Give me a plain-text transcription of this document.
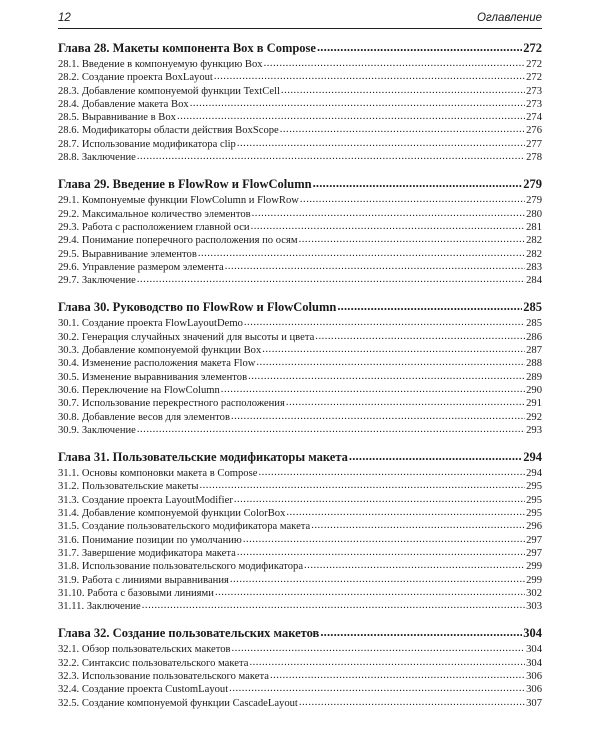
12	Оглавление
Глава 28. Макеты компонента Box в Compose .....	272
28.1. Введение в компонуемую функцию Box .....	272
28.2. Создание проекта BoxLayout .....	272
28.3. Добавление компонуемой функции TextCell .....	273
28.4. Добавление макета Box .....	273
28.5. Выравнивание в Box .....	274
28.6. Модификаторы области действия BoxScope .....	276
28.7. Использование модификатора clip .....	277
28.8. Заключение .....	278
Глава 29. Введение в FlowRow и FlowColumn .....	279
29.1. Компонуемые функции FlowColumn и FlowRow .....	279
29.2. Максимальное количество элементов .....	280
29.3. Работа с расположением главной оси .....	281
29.4. Понимание поперечного расположения по осям .....	282
29.5. Выравнивание элементов .....	282
29.6. Управление размером элемента .....	283
29.7. Заключение .....	284
Глава 30. Руководство по FlowRow и FlowColumn .....	285
30.1. Создание проекта FlowLayoutDemo .....	285
30.2. Генерация случайных значений для высоты и цвета .....	286
30.3. Добавление компонуемой функции Box .....	287
30.4. Изменение расположения макета Flow .....	288
30.5. Изменение выравнивания элементов .....	289
30.6. Переключение на FlowColumn .....	290
30.7. Использование перекрестного расположения .....	291
30.8. Добавление весов для элементов .....	292
30.9. Заключение .....	293
Глава 31. Пользовательские модификаторы макета .....	294
31.1. Основы компоновки макета в Compose .....	294
31.2. Пользовательские макеты .....	295
31.3. Создание проекта LayoutModifier .....	295
31.4. Добавление компонуемой функции ColorBox .....	295
31.5. Создание пользовательского модификатора макета .....	296
31.6. Понимание позиции по умолчанию .....	297
31.7. Завершение модификатора макета .....	297
31.8. Использование пользовательского модификатора .....	299
31.9. Работа с линиями выравнивания .....	299
31.10. Работа с базовыми линиями .....	302
31.11. Заключение .....	303
Глава 32. Создание пользовательских макетов .....	304
32.1. Обзор пользовательских макетов .....	304
32.2. Синтаксис пользовательского макета .....	304
32.3. Использование пользовательского макета .....	306
32.4. Создание проекта CustomLayout .....	306
32.5. Создание компонуемой функции CascadeLayout .....	307
